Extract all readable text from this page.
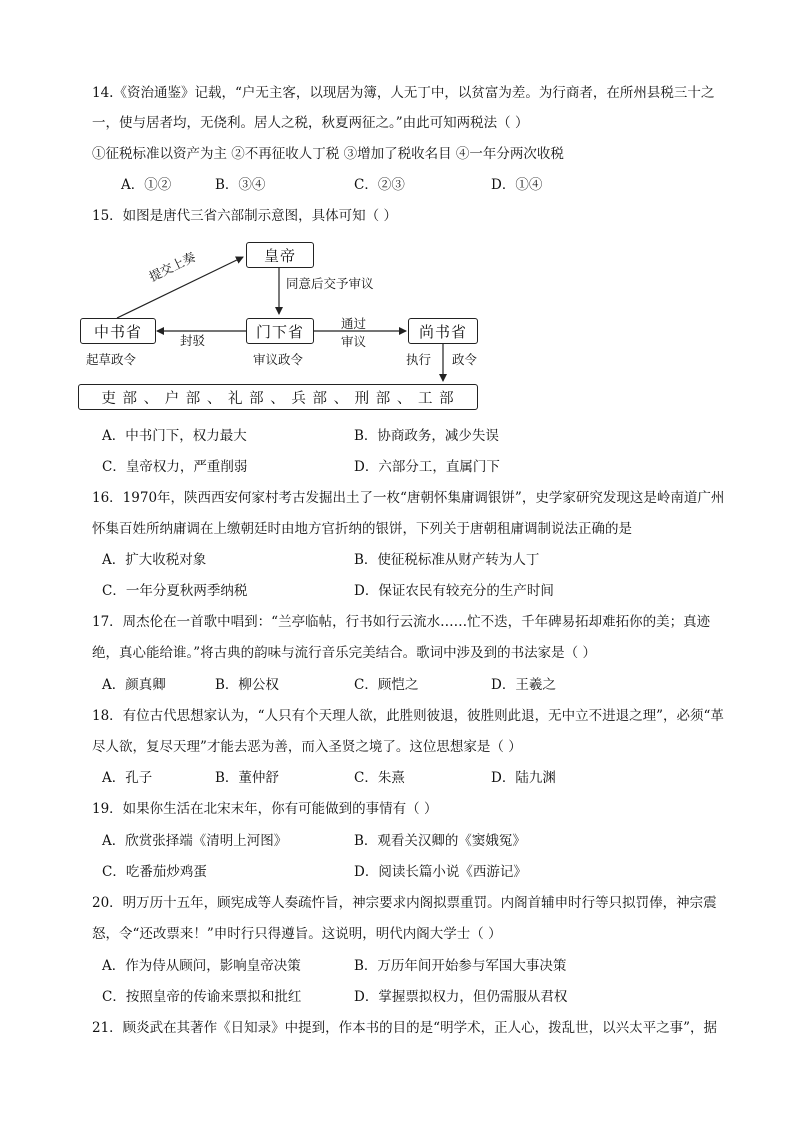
14.《资治通鉴》记载，“户无主客，以现居为簿，人无丁中，以贫富为差。为行商者，在所州县税三十之
一，使与居者均，无侥利。居人之税，秋夏两征之。”由此可知两税法（ ）
①征税标准以资产为主 ②不再征收人丁税 ③增加了税收名目 ④一年分两次收税
A．①②	B．③④	C．②③	D．①④
15．如图是唐代三省六部制示意图，具体可知（ ）
皇帝
中书省	门下省	尚书省
吏 部 、 户 部 、 礼 部 、 兵 部 、 刑 部 、 工 部
提交上奏	同意后交予审议
封驳
通过
审议
起草政令	审议政令	执行 政令
A．中书门下，权力最大	B．协商政务，减少失误
C．皇帝权力，严重削弱	D．六部分工，直属门下
16．1970年，陕西西安何家村考古发掘出土了一枚“唐朝怀集庸调银饼”，史学家研究发现这是岭南道广州
怀集百姓所纳庸调在上缴朝廷时由地方官折纳的银饼，下列关于唐朝租庸调制说法正确的是
A．扩大收税对象	B．使征税标准从财产转为人丁
C．一年分夏秋两季纳税	D．保证农民有较充分的生产时间
17．周杰伦在一首歌中唱到：“兰亭临帖，行书如行云流水……忙不迭，千年碑易拓却难拓你的美；真迹
绝，真心能给谁。”将古典的韵味与流行音乐完美结合。歌词中涉及到的书法家是（ ）
A．颜真卿	B．柳公权	C．顾恺之	D．王羲之
18．有位古代思想家认为，“人只有个天理人欲，此胜则彼退，彼胜则此退，无中立不进退之理”，必须“革
尽人欲，复尽天理”才能去恶为善，而入圣贤之境了。这位思想家是（ ）
A．孔子	B．董仲舒	C．朱熹	D．陆九渊
19．如果你生活在北宋末年，你有可能做到的事情有（ ）
A．欣赏张择端《清明上河图》	B．观看关汉卿的《窦娥冤》
C．吃番茄炒鸡蛋	D．阅读长篇小说《西游记》
20．明万历十五年，顾宪成等人奏疏忤旨，神宗要求内阁拟票重罚。内阁首辅申时行等只拟罚俸，神宗震
怒，令“还改票来！”申时行只得遵旨。这说明，明代内阁大学士（ ）
A．作为侍从顾问，影响皇帝决策	B．万历年间开始参与军国大事决策
C．按照皇帝的传谕来票拟和批红	D．掌握票拟权力，但仍需服从君权
21．顾炎武在其著作《日知录》中提到，作本书的目的是“明学术，正人心，拨乱世，以兴太平之事”，据
